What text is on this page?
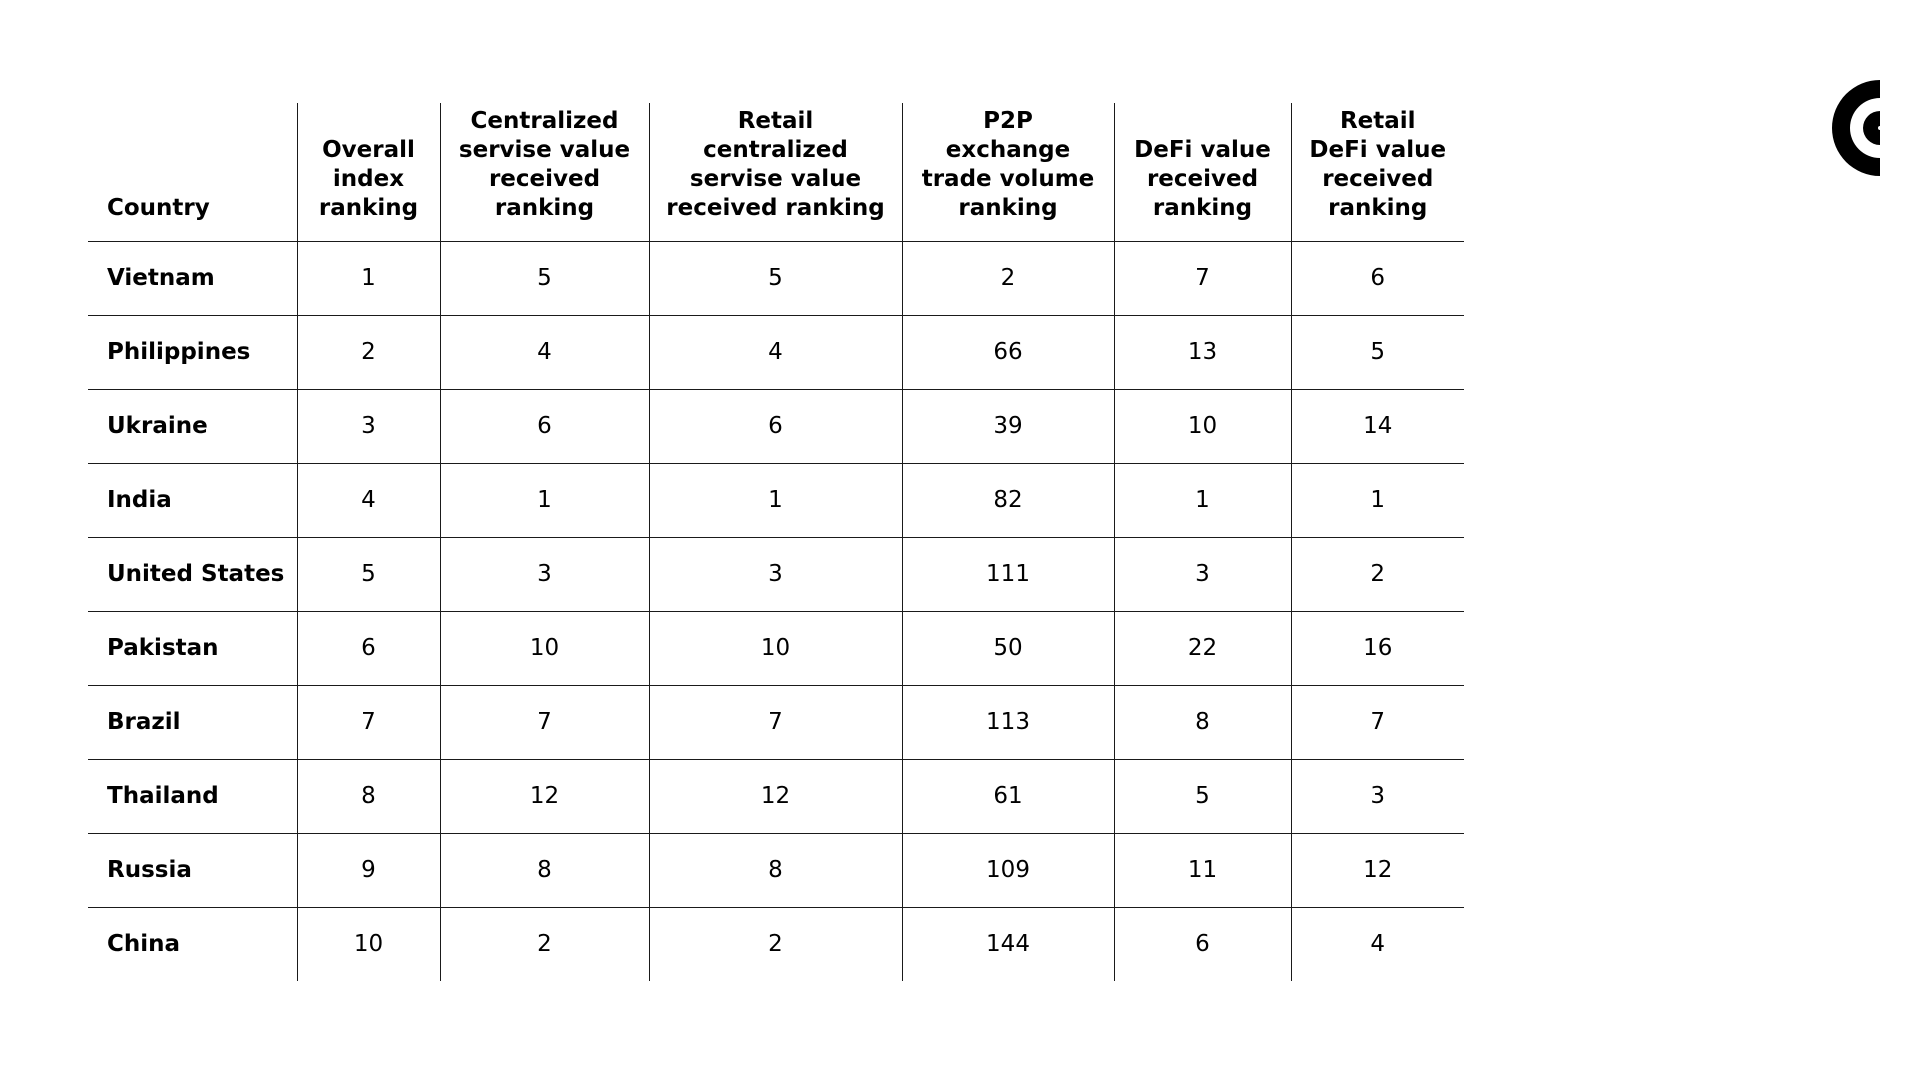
Country	Overall
index
ranking	Centralized
servise value
received
ranking	Retail
centralized
servise value
received ranking	P2P
exchange
trade volume
ranking	DeFi value
received
ranking	Retail
DeFi value
received
ranking

Vietnam	1	5	5	2	7	6
Philippines	2	4	4	66	13	5
Ukraine	3	6	6	39	10	14
India	4	1	1	82	1	1
United States	5	3	3	111	3	2
Pakistan	6	10	10	50	22	16
Brazil	7	7	7	113	8	7
Thailand	8	12	12	61	5	3
Russia	9	8	8	109	11	12
China	10	2	2	144	6	4
